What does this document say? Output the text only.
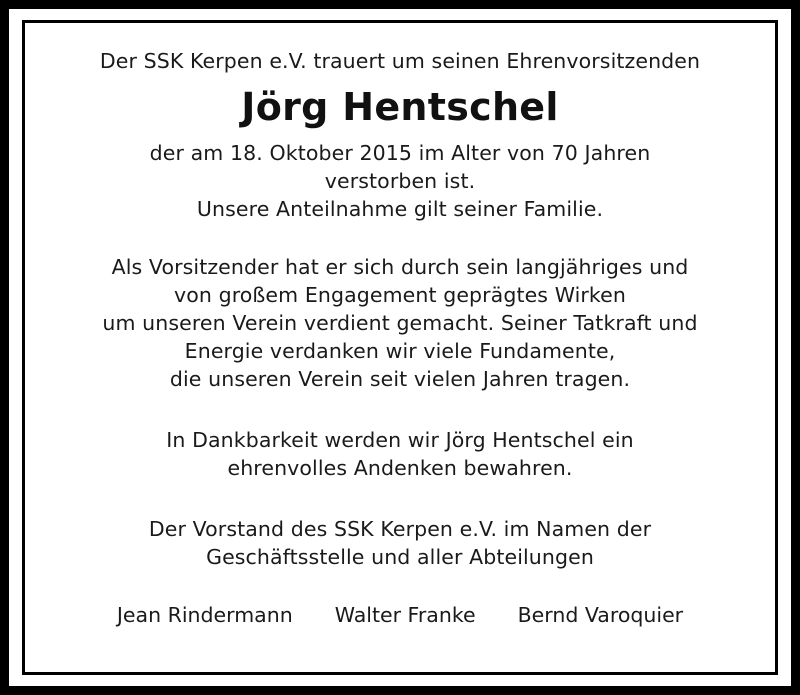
Der SSK Kerpen e.V. trauert um seinen Ehrenvorsitzenden
Jörg Hentschel
der am 18. Oktober 2015 im Alter von 70 Jahren
verstorben ist.
Unsere Anteilnahme gilt seiner Familie.
Als Vorsitzender hat er sich durch sein langjähriges und
von großem Engagement geprägtes Wirken
um unseren Verein verdient gemacht. Seiner Tatkraft und
Energie verdanken wir viele Fundamente,
die unseren Verein seit vielen Jahren tragen.
In Dankbarkeit werden wir Jörg Hentschel ein
ehrenvolles Andenken bewahren.
Der Vorstand des SSK Kerpen e.V. im Namen der
Geschäftsstelle und aller Abteilungen
Jean Rindermann Walter Franke Bernd Varoquier
